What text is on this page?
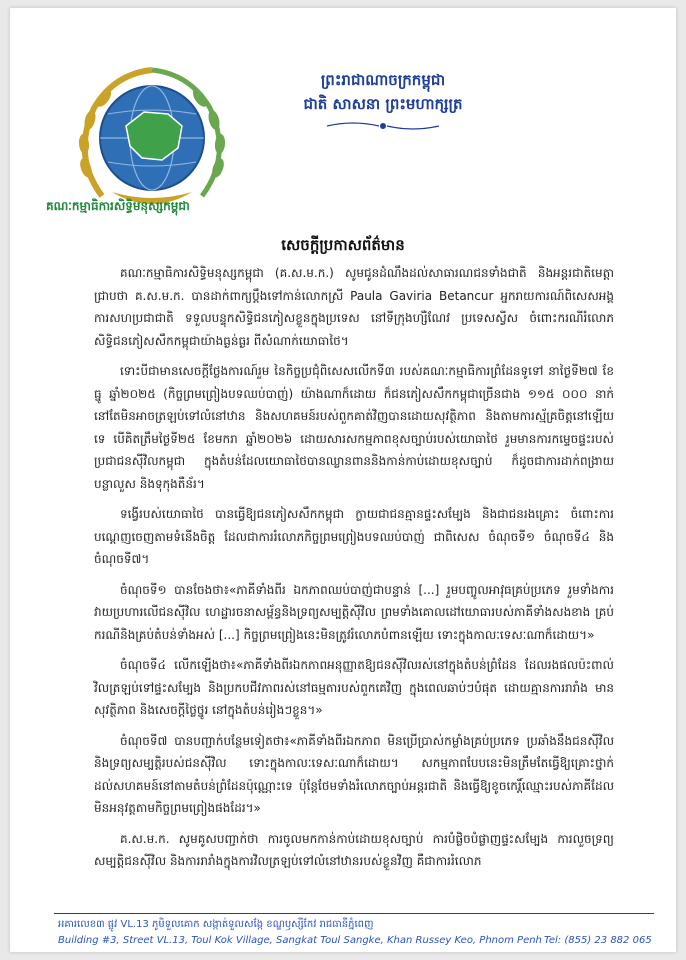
គណៈកម្មាធិការសិទ្ធិមនុស្សកម្ពុជា
ព្រះរាជាណាចក្រកម្ពុជា
ជាតិ សាសនា ព្រះមហាក្សត្រ
សេចក្ដីប្រកាសព័ត៌មាន

គណៈកម្មាធិការសិទ្ធិមនុស្សកម្ពុជា (គ.ស.ម.ក.) សូមជូនដំណឹងដល់សាធារណជនទាំងជាតិ និងអន្តរជាតិមេត្តាជ្រាបថា គ.ស.ម.ក. បានដាក់ពាក្យប្ដឹងទៅកាន់លោកស្រី Paula Gaviria Betancur អ្នករាយការណ៍ពិសេសអង្គការសហប្រជាជាតិ ទទួលបន្ទុកសិទ្ធិជនភៀសខ្លួនក្នុងប្រទេស នៅទីក្រុងហ្សឺណែវ ប្រទេសស្វីស ចំពោះករណីរំលោភសិទ្ធិជនភៀសសឹកកម្ពុជាយ៉ាងធ្ងន់ធ្ងរ ពីសំណាក់យោធាថៃ។

ទោះបីជាមានសេចក្ដីថ្លែងការណ៍រួម នៃកិច្ចប្រជុំពិសេសលើកទី៣ របស់គណៈកម្មាធិការព្រំដែនទូទៅ នាថ្ងៃទី២៧ ខែធ្នូ ឆ្នាំ២០២៥ (កិច្ចព្រមព្រៀងបទឈប់បាញ់) យ៉ាងណាក៏ដោយ ក៏ជនភៀសសឹកកម្ពុជាច្រើនជាង ១១៥ ០០០ នាក់ នៅតែមិនអាចត្រឡប់ទៅលំនៅឋាន និងសហគមន៍របស់ពួកគាត់វិញបានដោយសុវត្ថិភាព និងតាមការស្ម័គ្រចិត្តនៅឡើយទេ បើគិតត្រឹមថ្ងៃទី២៥ ខែមករា ឆ្នាំ២០២៦ ដោយសារសកម្មភាពខុសច្បាប់របស់យោធាថៃ រួមមានការកម្ទេចផ្ទះរបស់ប្រជាជនស៊ីវិលកម្ពុជា ក្នុងតំបន់ដែលយោធាថៃបានឈ្លានពាននិងកាន់កាប់ដោយខុសច្បាប់ ក៏ដូចជាការដាក់ពង្រាយបន្លាលួស និងទុកុងតឺន័រ។

ទង្វើរបស់យោធាថៃ បានធ្វើឱ្យជនភៀសសឹកកម្ពុជា ក្លាយជាជនគ្មានផ្ទះសម្បែង និងជាជនរងគ្រោះ ចំពោះការបណ្ដេញចេញតាមទំនើងចិត្ត ដែលជាការរំលោភកិច្ចព្រមព្រៀងបទឈប់បាញ់ ជាពិសេស ចំណុចទី១ ចំណុចទី៤ និងចំណុចទី៧។

ចំណុចទី១ បានចែងថា៖«ភាគីទាំងពីរ ឯកភាពឈប់បាញ់ជាបន្ទាន់ [...] រួមបញ្ចូលអាវុធគ្រប់ប្រភេទ រួមទាំងការវាយប្រហារលើជនស៊ីវិល ហេដ្ឋារចនាសម្ព័ន្ធនិងទ្រព្យសម្បត្តិស៊ីវិល ព្រមទាំងគោលដៅយោធារបស់ភាគីទាំងសងខាង គ្រប់ករណីនិងគ្រប់តំបន់ទាំងអស់ [...] កិច្ចព្រមព្រៀងនេះមិនត្រូវរំលោភបំពានឡើយ ទោះក្នុងកាលៈទេសៈណាក៏ដោយ។»

ចំណុចទី៤ លើកឡើងថា៖«ភាគីទាំងពីរឯកភាពអនុញ្ញាតឱ្យជនស៊ីវិលរស់នៅក្នុងតំបន់ព្រំដែន ដែលរងផលប៉ះពាល់ វិលត្រឡប់ទៅផ្ទះសម្បែង និងប្រកបជីវភាពរស់នៅធម្មតារបស់ពួកគេវិញ ក្នុងពេលឆាប់ៗបំផុត ដោយគ្មានការរារាំង មានសុវត្ថិភាព និងសេចក្ដីថ្លៃថ្នូរ នៅក្នុងតំបន់រៀងៗខ្លួន។»

ចំណុចទី៧ បានបញ្ជាក់បន្ថែមទៀតថា៖«ភាគីទាំងពីរឯកភាព មិនប្រើប្រាស់កម្លាំងគ្រប់ប្រភេទ ប្រឆាំងនឹងជនស៊ីវិល និងទ្រព្យសម្បត្តិរបស់ជនស៊ីវិល ទោះក្នុងកាលៈទេសៈណាក៏ដោយ។ សកម្មភាពបែបនេះមិនត្រឹមតែធ្វើឱ្យគ្រោះថ្នាក់ដល់សហគមន៍នៅតាមតំបន់ព្រំដែនប៉ុណ្ណោះទេ ប៉ុន្តែថែមទាំងរំលោភច្បាប់អន្តរជាតិ និងធ្វើឱ្យខូចកេរ្តិ៍ឈ្មោះរបស់ភាគីដែលមិនអនុវត្តតាមកិច្ចព្រមព្រៀងផងដែរ។»

គ.ស.ម.ក. សូមគូសបញ្ជាក់ថា ការចូលមកកាន់កាប់ដោយខុសច្បាប់ ការបំផ្លិចបំផ្លាញផ្ទះសម្បែង ការលួចទ្រព្យសម្បត្តិជនស៊ីវិល និងការរារាំងក្នុងការវិលត្រឡប់ទៅលំនៅឋានរបស់ខ្លួនវិញ គឺជាការរំលោភ

អគារលេខ៣ ផ្លូវ VL.13 ភូមិទួលគោក សង្កាត់ទួលសង្កែ ខណ្ឌឫស្សីកែវ រាជធានីភ្នំពេញ
Building #3, Street VL.13, Toul Kok Village, Sangkat Toul Sangke, Khan Russey Keo, Phnom Penh Tel: (855) 23 882 065
